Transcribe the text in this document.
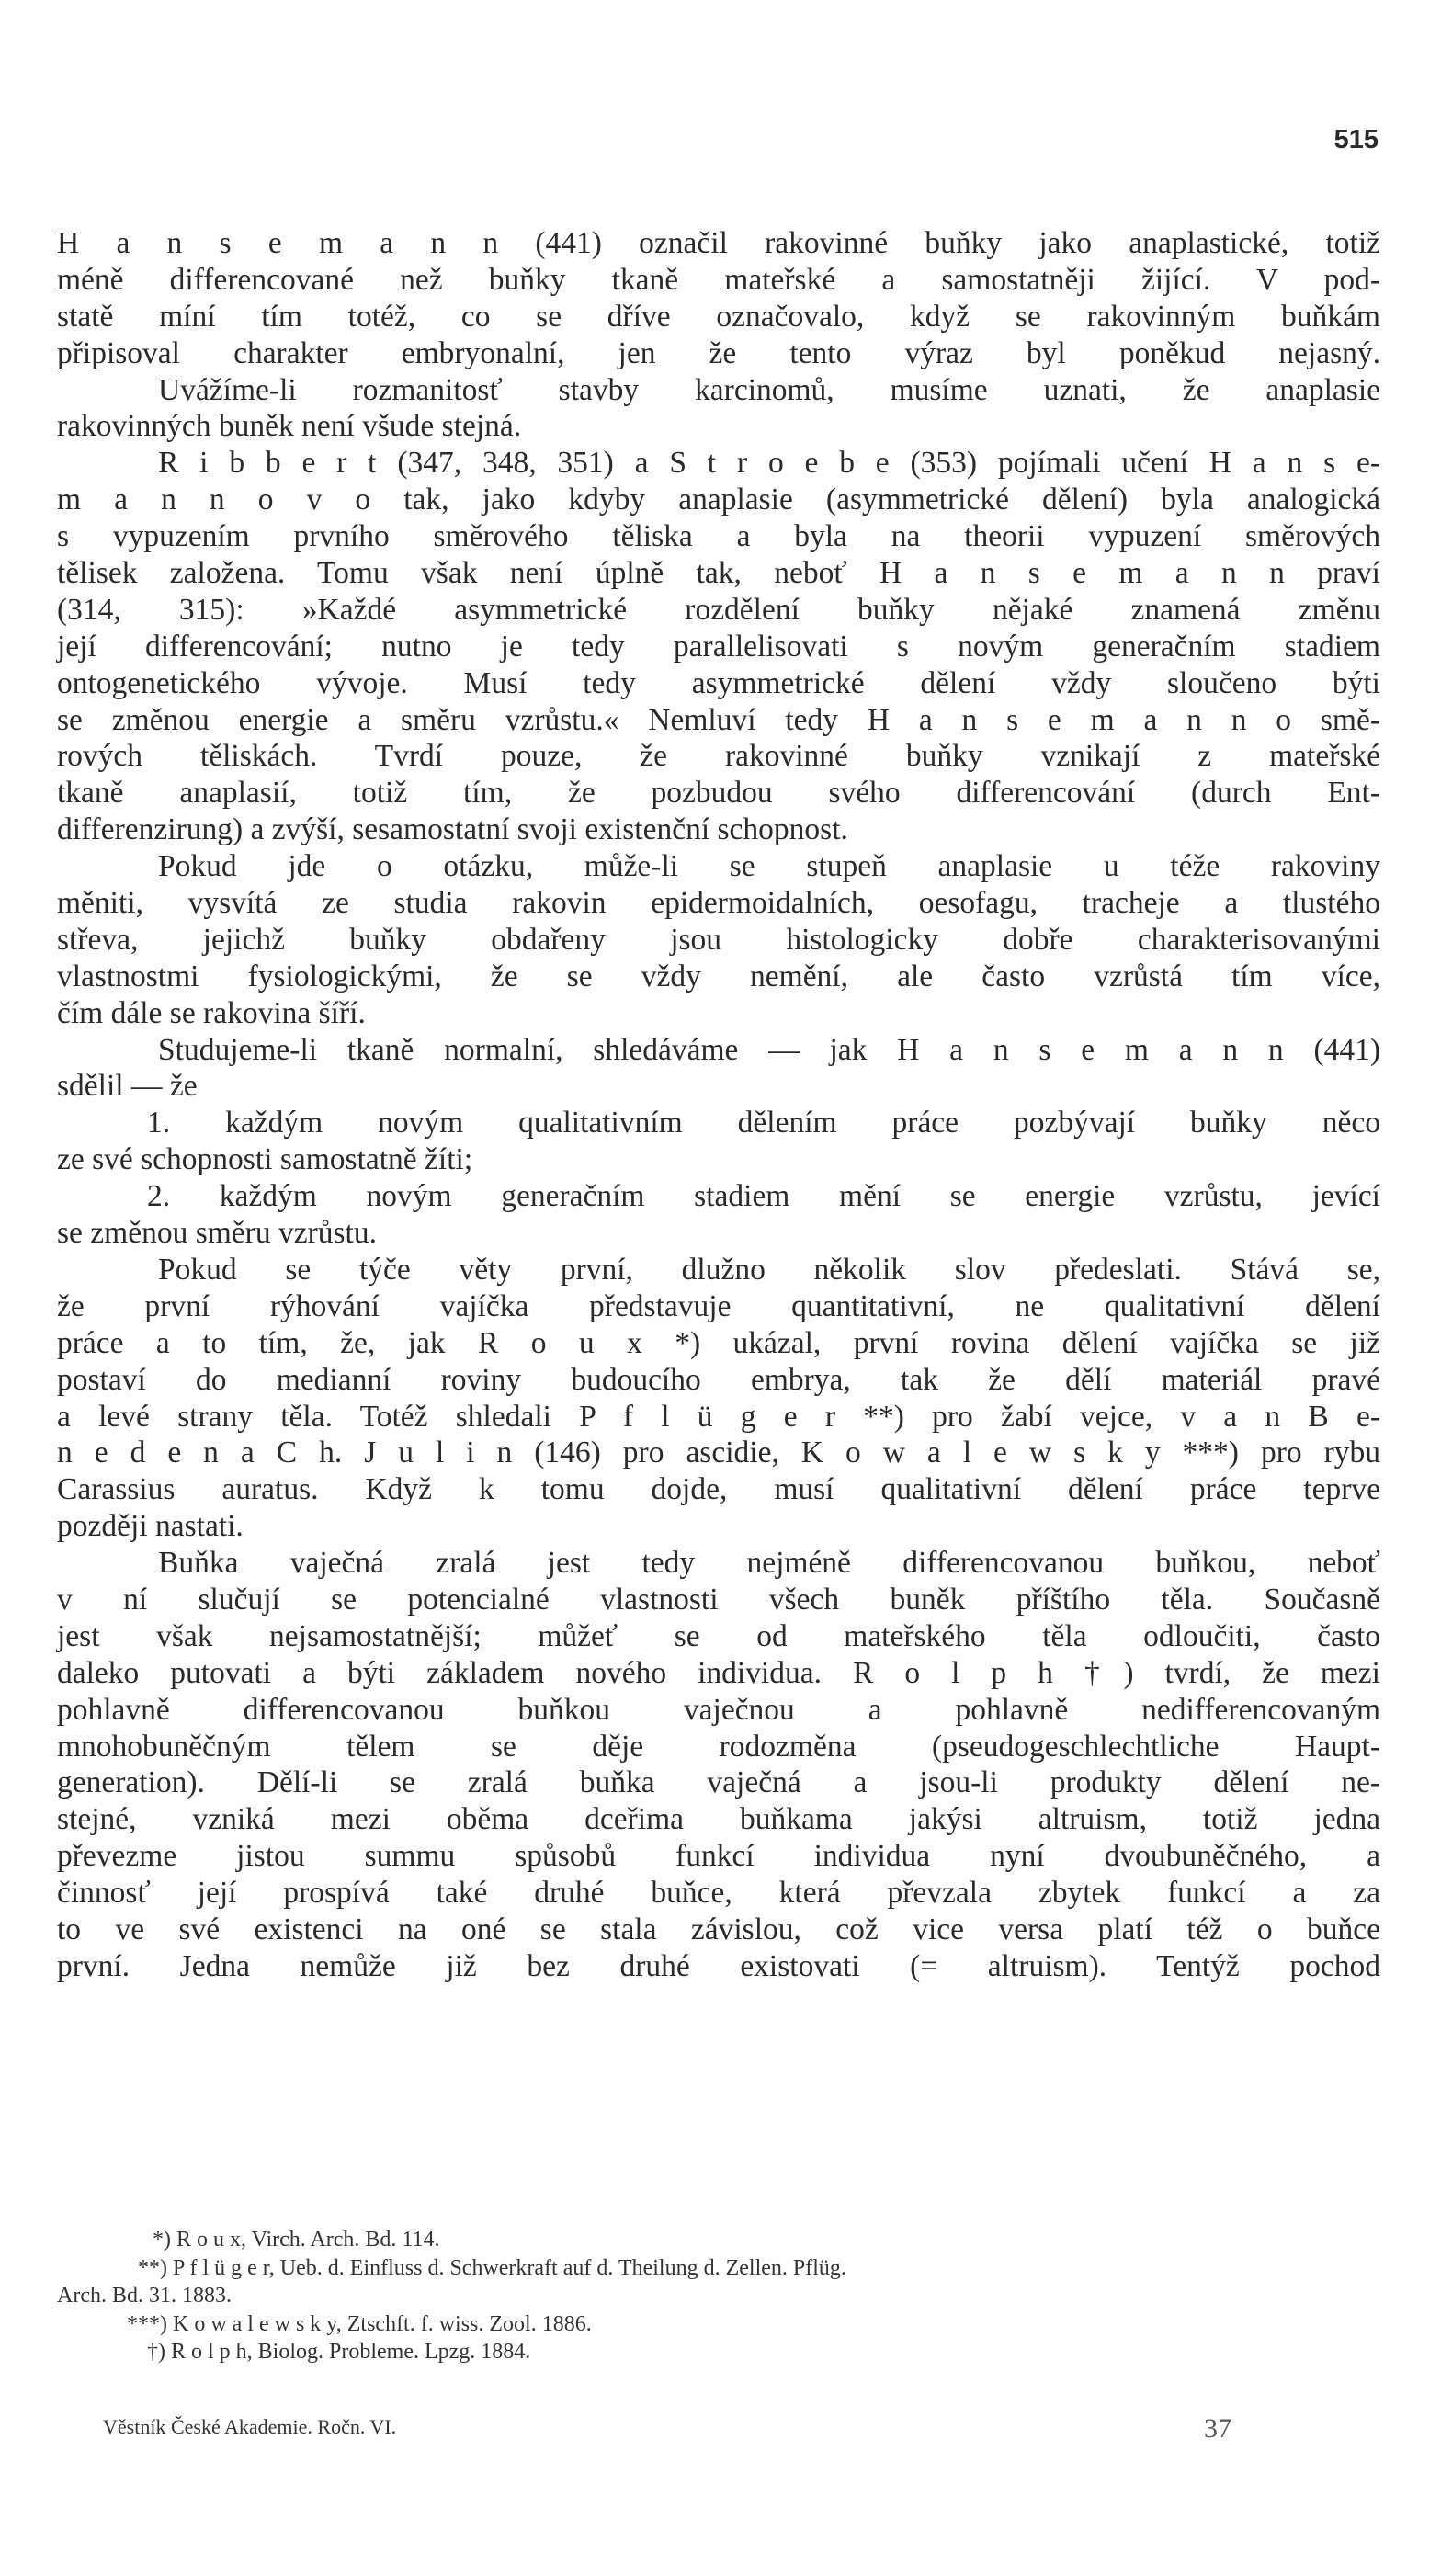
515
H a n s e m a n n (441) označil rakovinné buňky jako anaplastické, totiž
méně differencované než buňky tkaně mateřské a samostatněji žijící. V pod-
statě míní tím totéž, co se dříve označovalo, když se rakovinným buňkám
připisoval charakter embryonalní, jen že tento výraz byl poněkud nejasný.
Uvážíme-li rozmanitosť stavby karcinomů, musíme uznati, že anaplasie
rakovinných buněk není všude stejná.
R i b b e r t (347, 348, 351) a S t r o e b e (353) pojímali učení H a n s e-
m a n n o v o tak, jako kdyby anaplasie (asymmetrické dělení) byla analogická
s vypuzením prvního směrového těliska a byla na theorii vypuzení směrových
tělisek založena. Tomu však není úplně tak, neboť H a n s e m a n n praví
(314, 315): »Každé asymmetrické rozdělení buňky nějaké znamená změnu
její differencování; nutno je tedy parallelisovati s novým generačním stadiem
ontogenetického vývoje. Musí tedy asymmetrické dělení vždy sloučeno býti
se změnou energie a směru vzrůstu.« Nemluví tedy H a n s e m a n n o smě-
rových těliskách. Tvrdí pouze, že rakovinné buňky vznikají z mateřské
tkaně anaplasií, totiž tím, že pozbudou svého differencování (durch Ent-
differenzirung) a zvýší, sesamostatní svoji existenční schopnost.
Pokud jde o otázku, může-li se stupeň anaplasie u téže rakoviny
měniti, vysvítá ze studia rakovin epidermoidalních, oesofagu, tracheje a tlustého
střeva, jejichž buňky obdařeny jsou histologicky dobře charakterisovanými
vlastnostmi fysiologickými, že se vždy nemění, ale často vzrůstá tím více,
čím dále se rakovina šíří.
Studujeme-li tkaně normalní, shledáváme — jak H a n s e m a n n (441)
sdělil — že
1. každým novým qualitativním dělením práce pozbývají buňky něco
ze své schopnosti samostatně žíti;
2. každým novým generačním stadiem mění se energie vzrůstu, jevící
se změnou směru vzrůstu.
Pokud se týče věty první, dlužno několik slov předeslati. Stává se,
že první rýhování vajíčka představuje quantitativní, ne qualitativní dělení
práce a to tím, že, jak R o u x *) ukázal, první rovina dělení vajíčka se již
postaví do medianní roviny budoucího embrya, tak že dělí materiál pravé
a levé strany těla. Totéž shledali P f l ü g e r **) pro žabí vejce, v a n B e-
n e d e n a C h. J u l i n (146) pro ascidie, K o w a l e w s k y ***) pro rybu
Carassius auratus. Když k tomu dojde, musí qualitativní dělení práce teprve
později nastati.
Buňka vaječná zralá jest tedy nejméně differencovanou buňkou, neboť
v ní slučují se potencialné vlastnosti všech buněk příštího těla. Současně
jest však nejsamostatnější; můžeť se od mateřského těla odloučiti, často
daleko putovati a býti základem nového individua. R o l p h †) tvrdí, že mezi
pohlavně differencovanou buňkou vaječnou a pohlavně nedifferencovaným
mnohobuněčným tělem se děje rodozměna (pseudogeschlechtliche Haupt-
generation). Dělí-li se zralá buňka vaječná a jsou-li produkty dělení ne-
stejné, vzniká mezi oběma dceřima buňkama jakýsi altruism, totiž jedna
převezme jistou summu spůsobů funkcí individua nyní dvoubuněčného, a
činnosť její prospívá také druhé buňce, která převzala zbytek funkcí a za
to ve své existenci na oné se stala závislou, což vice versa platí též o buňce
první. Jedna nemůže již bez druhé existovati (= altruism). Tentýž pochod
*) R o u x, Virch. Arch. Bd. 114.
**) P f l ü g e r, Ueb. d. Einfluss d. Schwerkraft auf d. Theilung d. Zellen. Pflüg.
Arch. Bd. 31. 1883.
***) K o w a l e w s k y, Ztschft. f. wiss. Zool. 1886.
†) R o l p h, Biolog. Probleme. Lpzg. 1884.
Věstník České Akademie. Ročn. VI.	37
